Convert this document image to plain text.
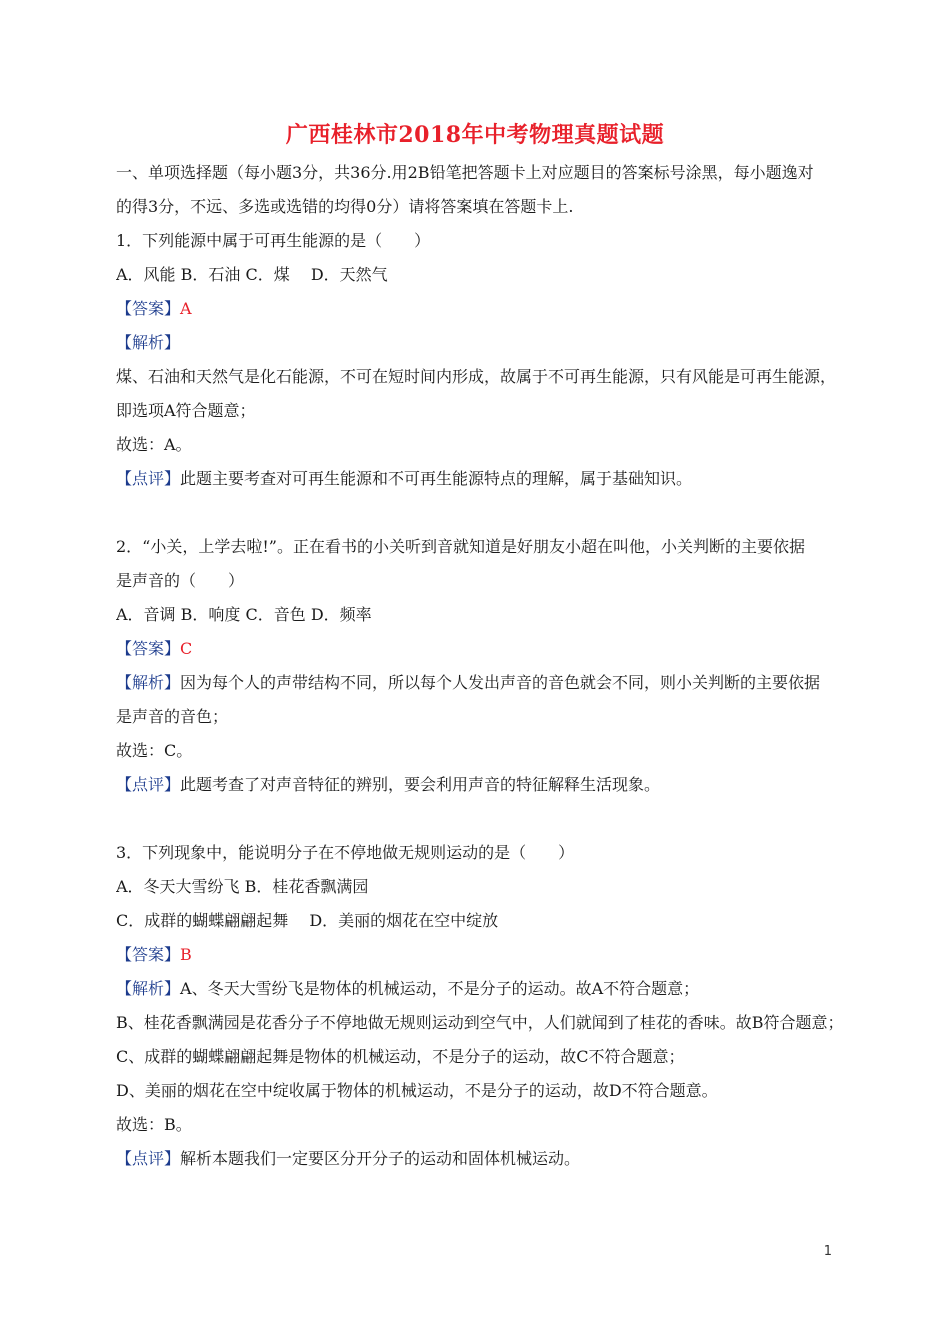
广西桂林市2018年中考物理真题试题
一、单项选择题（每小题3分，共36分.用2B铅笔把答题卡上对应题目的答案标号涂黑，每小题逸对
的得3分，不远、多选或选错的均得0分）请将答案填在答题卡上.
1．下列能源中属于可再生能源的是（　　）
A．风能 B．石油 C．煤　 D．天然气
【答案】A
【解析】
煤、石油和天然气是化石能源，不可在短时间内形成，故属于不可再生能源，只有风能是可再生能源，
即选项A符合题意；
故选：A。
【点评】此题主要考查对可再生能源和不可再生能源特点的理解，属于基础知识。
2．“小关，上学去啦!”。正在看书的小关听到音就知道是好朋友小超在叫他，小关判断的主要依据
是声音的（　　）
A．音调 B．响度 C．音色 D．频率
【答案】C
【解析】因为每个人的声带结构不同，所以每个人发出声音的音色就会不同，则小关判断的主要依据
是声音的音色；
故选：C。
【点评】此题考查了对声音特征的辨别，要会利用声音的特征解释生活现象。
3．下列现象中，能说明分子在不停地做无规则运动的是（　　）
A．冬天大雪纷飞 B．桂花香飘满园
C．成群的蝴蝶翩翩起舞　 D．美丽的烟花在空中绽放
【答案】B
【解析】A、冬天大雪纷飞是物体的机械运动，不是分子的运动。故A不符合题意；
B、桂花香飘满园是花香分子不停地做无规则运动到空气中，人们就闻到了桂花的香味。故B符合题意；
C、成群的蝴蝶翩翩起舞是物体的机械运动，不是分子的运动，故C不符合题意；
D、美丽的烟花在空中绽收属于物体的机械运动，不是分子的运动，故D不符合题意。
故选：B。
【点评】解析本题我们一定要区分开分子的运动和固体机械运动。
1
